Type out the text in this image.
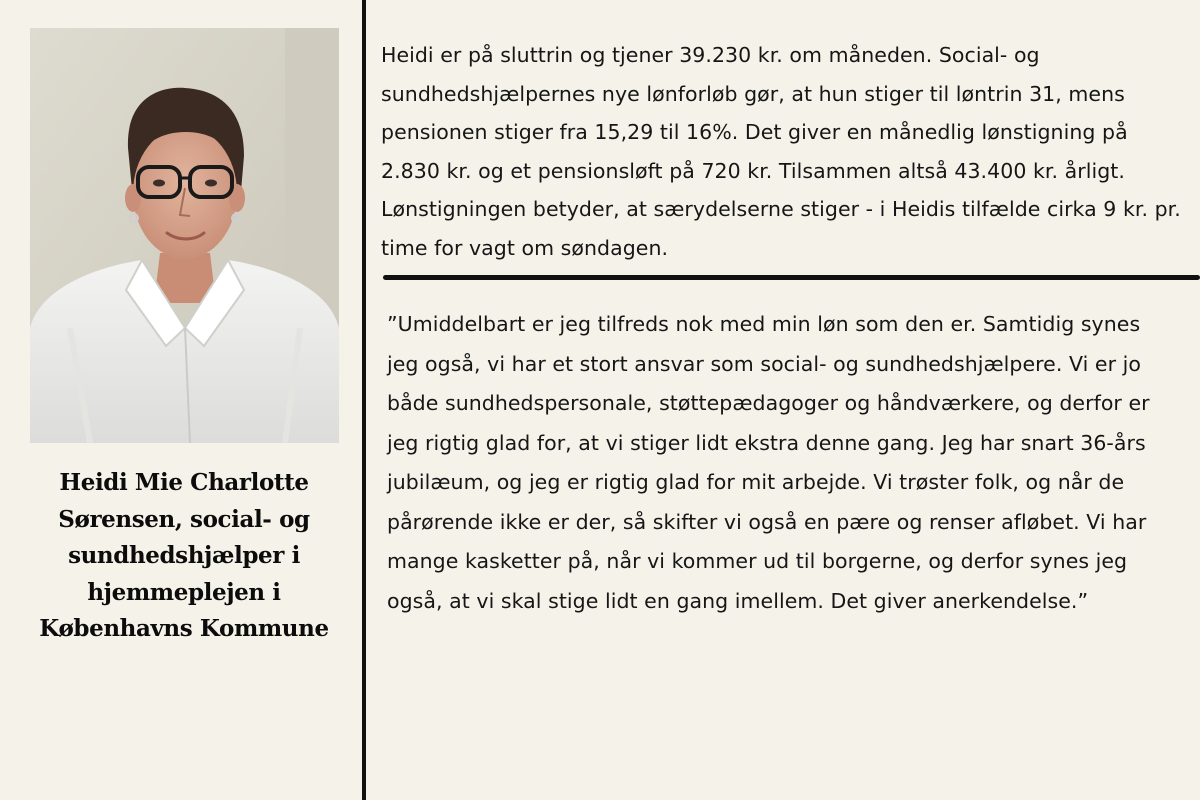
Heidi Mie Charlotte Sørensen, social- og sundhedshjælper i hjemmeplejen i Københavns Kommune

Heidi er på sluttrin og tjener 39.230 kr. om måneden. Social- og sundhedshjælpernes nye lønforløb gør, at hun stiger til løntrin 31, mens pensionen stiger fra 15,29 til 16%. Det giver en månedlig lønstigning på 2.830 kr. og et pensionsløft på 720 kr. Tilsammen altså 43.400 kr. årligt. Lønstigningen betyder, at særydelserne stiger - i Heidis tilfælde cirka 9 kr. pr. time for vagt om søndagen.

”Umiddelbart er jeg tilfreds nok med min løn som den er. Samtidig synes jeg også, vi har et stort ansvar som social- og sundhedshjælpere. Vi er jo både sundhedspersonale, støttepædagoger og håndværkere, og derfor er jeg rigtig glad for, at vi stiger lidt ekstra denne gang. Jeg har snart 36-års jubilæum, og jeg er rigtig glad for mit arbejde. Vi trøster folk, og når de pårørende ikke er der, så skifter vi også en pære og renser afløbet. Vi har mange kasketter på, når vi kommer ud til borgerne, og derfor synes jeg også, at vi skal stige lidt en gang imellem. Det giver anerkendelse.”
